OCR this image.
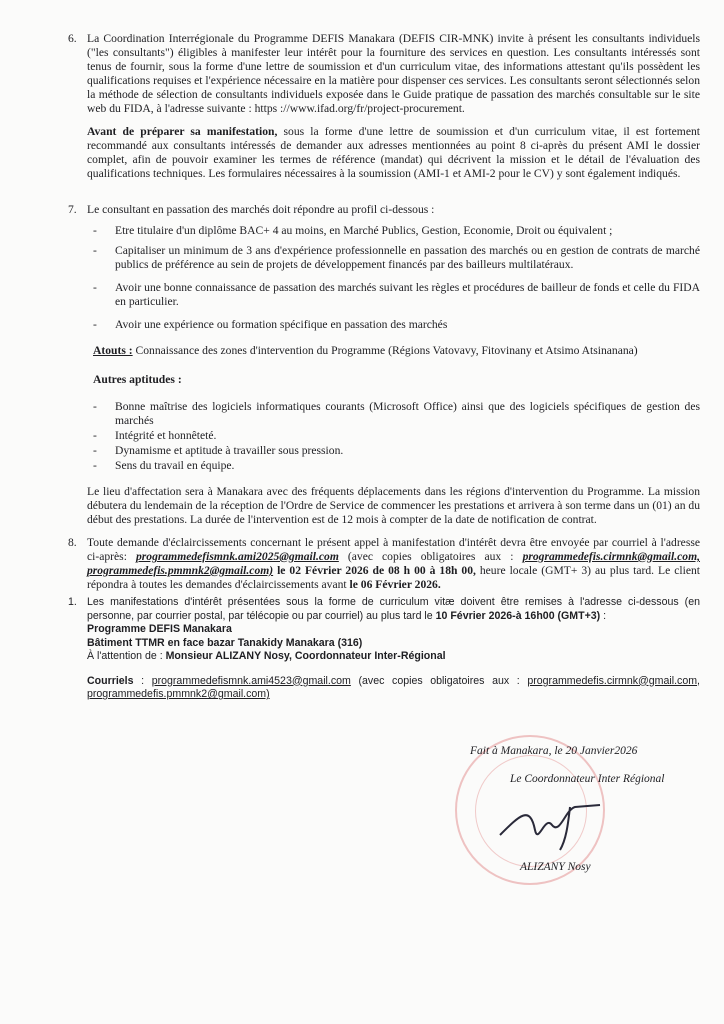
6. La Coordination Interrégionale du Programme DEFIS Manakara (DEFIS CIR-MNK) invite à présent les consultants individuels ("les consultants") éligibles à manifester leur intérêt pour la fourniture des services en question. Les consultants intéressés sont tenus de fournir, sous la forme d'une lettre de soumission et d'un curriculum vitae, des informations attestant qu'ils possèdent les qualifications requises et l'expérience nécessaire en la matière pour dispenser ces services. Les consultants seront sélectionnés selon la méthode de sélection de consultants individuels exposée dans le Guide pratique de passation des marchés consultable sur le site web du FIDA, à l'adresse suivante : https ://www.ifad.org/fr/project-procurement.
Avant de préparer sa manifestation, sous la forme d'une lettre de soumission et d'un curriculum vitae, il est fortement recommandé aux consultants intéressés de demander aux adresses mentionnées au point 8 ci-après du présent AMI le dossier complet, afin de pouvoir examiner les termes de référence (mandat) qui décrivent la mission et le détail de l'évaluation des qualifications techniques. Les formulaires nécessaires à la soumission (AMI-1 et AMI-2 pour le CV) y sont également indiqués.
7. Le consultant en passation des marchés doit répondre au profil ci-dessous :
- Etre titulaire d'un diplôme BAC+ 4 au moins, en Marché Publics, Gestion, Economie, Droit ou équivalent ;
- Capitaliser un minimum de 3 ans d'expérience professionnelle en passation des marchés ou en gestion de contrats de marché publics de préférence au sein de projets de développement financés par des bailleurs multilatéraux.
- Avoir une bonne connaissance de passation des marchés suivant les règles et procédures de bailleur de fonds et celle du FIDA en particulier.
- Avoir une expérience ou formation spécifique en passation des marchés
Atouts : Connaissance des zones d'intervention du Programme (Régions Vatovavy, Fitovinany et Atsimo Atsinanana)
Autres aptitudes :
- Bonne maîtrise des logiciels informatiques courants (Microsoft Office) ainsi que des logiciels spécifiques de gestion des marchés
- Intégrité et honnêteté.
- Dynamisme et aptitude à travailler sous pression.
- Sens du travail en équipe.
Le lieu d'affectation sera à Manakara avec des fréquents déplacements dans les régions d'intervention du Programme. La mission débutera du lendemain de la réception de l'Ordre de Service de commencer les prestations et arrivera à son terme dans un (01) an du début des prestations. La durée de l'intervention est de 12 mois à compter de la date de notification de contrat.
8. Toute demande d'éclaircissements concernant le présent appel à manifestation d'intérêt devra être envoyée par courriel à l'adresse ci-après: programmedefismnk.ami2025@gmail.com (avec copies obligatoires aux : programmedefis.cirmnk@gmail.com, programmedefis.pmmnk2@gmail.com) le 02 Février 2026 de 08 h 00 à 18h 00, heure locale (GMT+ 3) au plus tard. Le client répondra à toutes les demandes d'éclaircissements avant le 06 Février 2026.
1. Les manifestations d'intérêt présentées sous la forme de curriculum vitæ doivent être remises à l'adresse ci-dessous (en personne, par courrier postal, par télécopie ou par courriel) au plus tard le 10 Février 2026-à 16h00 (GMT+3) :
Programme DEFIS Manakara
Bâtiment TTMR en face bazar Tanakidy Manakara (316)
À l'attention de : Monsieur ALIZANY Nosy, Coordonnateur Inter-Régional
Courriels : programmedefismnk.ami4523@gmail.com (avec copies obligatoires aux : programmedefis.cirmnk@gmail.com, programmedefis.pmmnk2@gmail.com)
Fait à Manakara, le 20 Janvier2026
Le Coordonnateur Inter Régional
ALIZANY Nosy
